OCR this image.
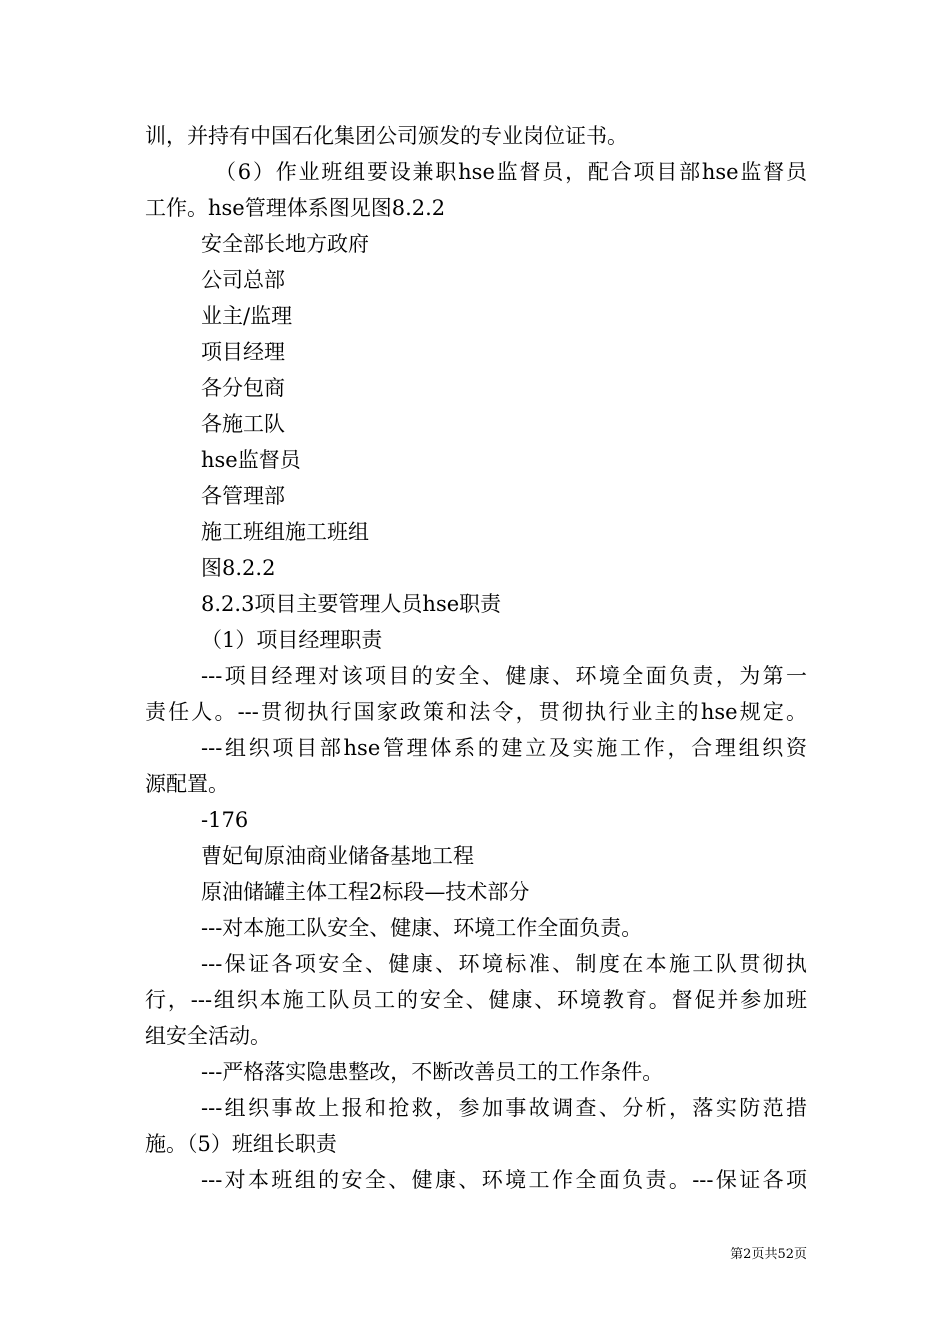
训，并持有中国石化集团公司颁发的专业岗位证书。
（6）作业班组要设兼职hse监督员，配合项目部hse监督员
工作。hse管理体系图见图8.2.2
安全部长地方政府
公司总部
业主/监理
项目经理
各分包商
各施工队
hse监督员
各管理部
施工班组施工班组
图8.2.2
8.2.3项目主要管理人员hse职责
（1）项目经理职责
---项目经理对该项目的安全、健康、环境全面负责，为第一
责任人。---贯彻执行国家政策和法令，贯彻执行业主的hse规定。
---组织项目部hse管理体系的建立及实施工作，合理组织资
源配置。
-176
曹妃甸原油商业储备基地工程
原油储罐主体工程2标段—技术部分
---对本施工队安全、健康、环境工作全面负责。
---保证各项安全、健康、环境标准、制度在本施工队贯彻执
行，---组织本施工队员工的安全、健康、环境教育。督促并参加班
组安全活动。
---严格落实隐患整改，不断改善员工的工作条件。
---组织事故上报和抢救，参加事故调查、分析，落实防范措
施。（5）班组长职责
---对本班组的安全、健康、环境工作全面负责。---保证各项
第2页共52页
